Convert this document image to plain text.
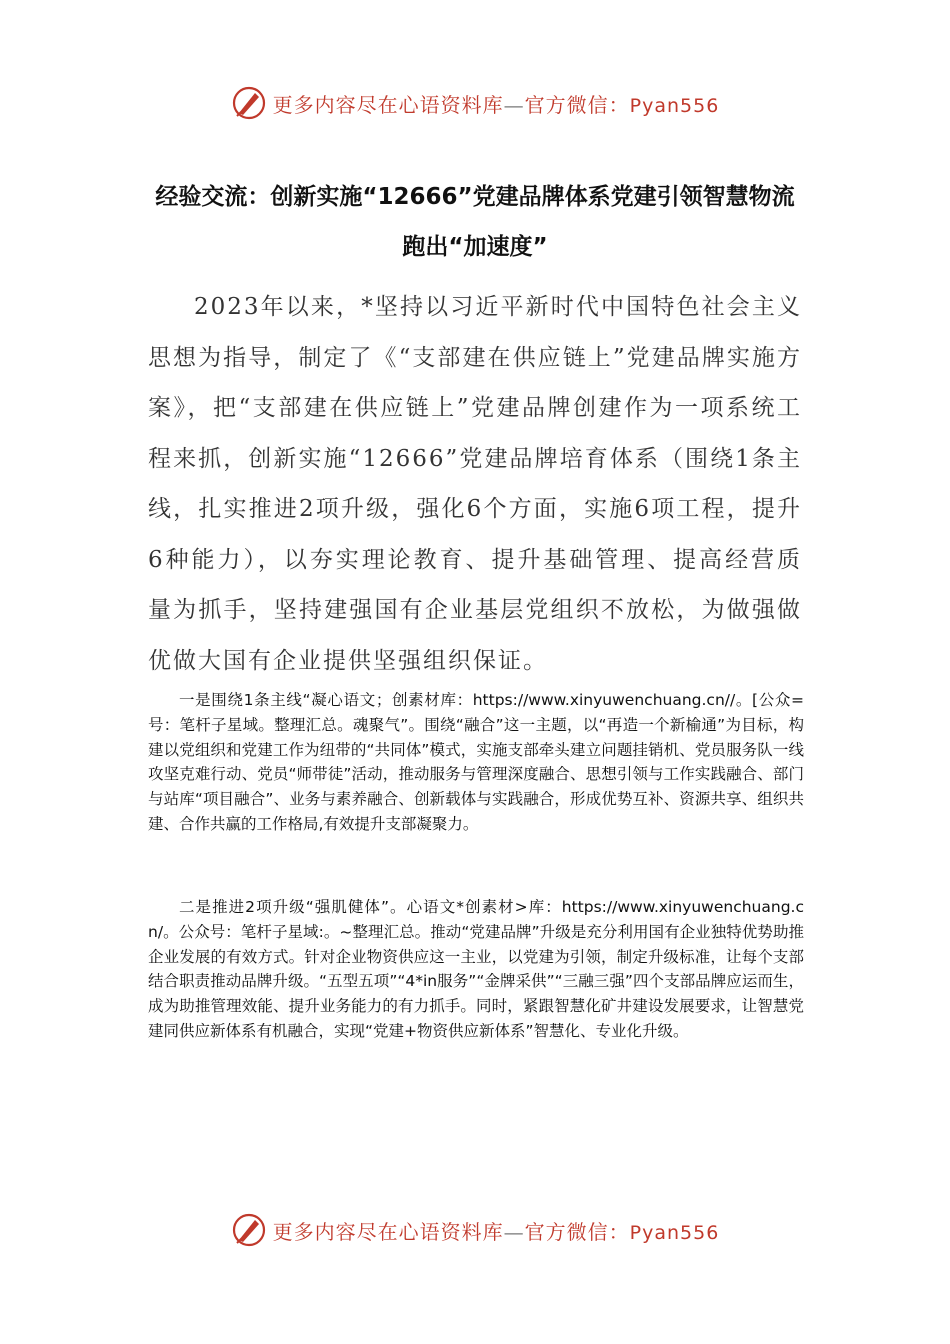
更多内容尽在心语资料库—官方微信：Pyan556
经验交流：创新实施“12666”党建品牌体系党建引领智慧物流跑出“加速度”
2023年以来，*坚持以习近平新时代中国特色社会主义思想为指导，制定了《“支部建在供应链上”党建品牌实施方案》，把“支部建在供应链上”党建品牌创建作为一项系统工程来抓，创新实施“12666”党建品牌培育体系（围绕1条主线，扎实推进2项升级，强化6个方面，实施6项工程，提升6种能力），以夯实理论教育、提升基础管理、提高经营质量为抓手，坚持建强国有企业基层党组织不放松，为做强做优做大国有企业提供坚强组织保证。
一是围绕1条主线“凝心语文；创素材库：https://www.xinyuwenchuang.cn//。[公众=号：笔杆子星域。整理汇总。魂聚气”。围绕“融合”这一主题，以“再造一个新榆通”为目标，构建以党组织和党建工作为纽带的“共同体”模式，实施支部牵头建立问题挂销机、党员服务队一线攻坚克难行动、党员“师带徒”活动，推动服务与管理深度融合、思想引领与工作实践融合、部门与站库“项目融合”、业务与素养融合、创新载体与实践融合，形成优势互补、资源共享、组织共建、合作共赢的工作格局,有效提升支部凝聚力。
二是推进2项升级“强肌健体”。心语文*创素材>库：https://www.xinyuwenchuang.cn/。公众号：笔杆子星域:。~整理汇总。推动“党建品牌”升级是充分利用国有企业独特优势助推企业发展的有效方式。针对企业物资供应这一主业，以党建为引领，制定升级标准，让每个支部结合职责推动品牌升级。“五型五项”“4*in服务”“金牌采供”“三融三强”四个支部品牌应运而生，成为助推管理效能、提升业务能力的有力抓手。同时，紧跟智慧化矿井建设发展要求，让智慧党建同供应新体系有机融合，实现“党建+物资供应新体系”智慧化、专业化升级。
更多内容尽在心语资料库—官方微信：Pyan556
